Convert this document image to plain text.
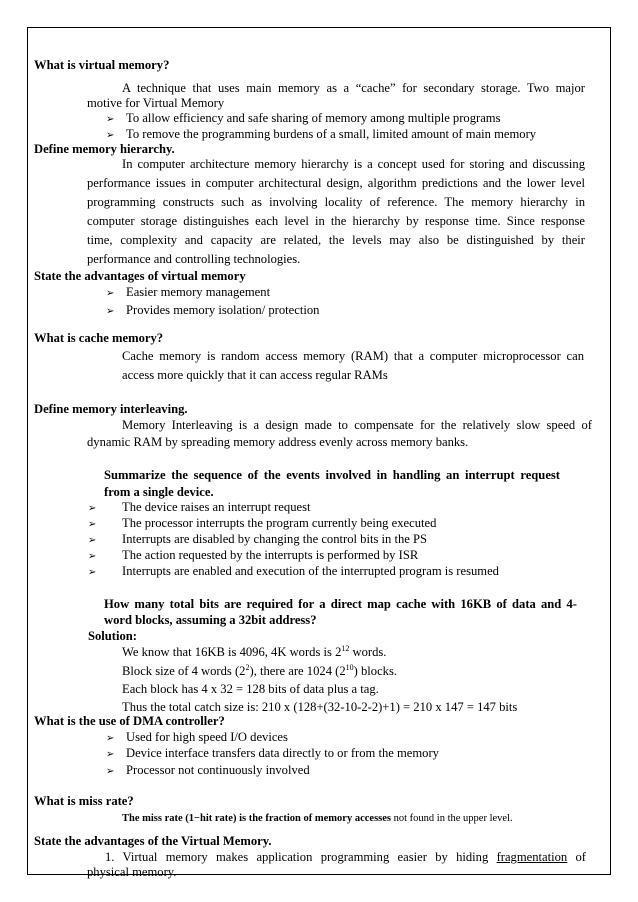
What is virtual memory?
A technique that uses main memory as a “cache” for secondary storage. Two major
motive for Virtual Memory
➢ To allow efficiency and safe sharing of memory among multiple programs
➢ To remove the programming burdens of a small, limited amount of main memory
Define memory hierarchy.
In computer architecture memory hierarchy is a concept used for storing and discussing
performance issues in computer architectural design, algorithm predictions and the lower level
programming constructs such as involving locality of reference. The memory hierarchy in
computer storage distinguishes each level in the hierarchy by response time. Since response
time, complexity and capacity are related, the levels may also be distinguished by their
performance and controlling technologies.
State the advantages of virtual memory
➢ Easier memory management
➢ Provides memory isolation/ protection
What is cache memory?
Cache memory is random access memory (RAM) that a computer microprocessor can
access more quickly that it can access regular RAMs
Define memory interleaving.
Memory Interleaving is a design made to compensate for the relatively slow speed of
dynamic RAM by spreading memory address evenly across memory banks.
Summarize the sequence of the events involved in handling an interrupt request
from a single device.
➢ The device raises an interrupt request
➢ The processor interrupts the program currently being executed
➢ Interrupts are disabled by changing the control bits in the PS
➢ The action requested by the interrupts is performed by ISR
➢ Interrupts are enabled and execution of the interrupted program is resumed
How many total bits are required for a direct map cache with 16KB of data and 4-
word blocks, assuming a 32bit address?
Solution:
We know that 16KB is 4096, 4K words is $2^{12}$ words.
Block size of 4 words $(2^2)$, there are 1024 $(2^{10})$ blocks.
Each block has 4 x 32 = 128 bits of data plus a tag.
Thus the total catch size is: 210 x (128+(32-10-2-2)+1) = 210 x 147 = 147 bits
What is the use of DMA controller?
➢ Used for high speed I/O devices
➢ Device interface transfers data directly to or from the memory
➢ Processor not continuously involved
What is miss rate?
The miss rate (1−hit rate) is the fraction of memory accesses not found in the upper level.
State the advantages of the Virtual Memory.
1. Virtual memory makes application programming easier by hiding fragmentation of
physical memory.
